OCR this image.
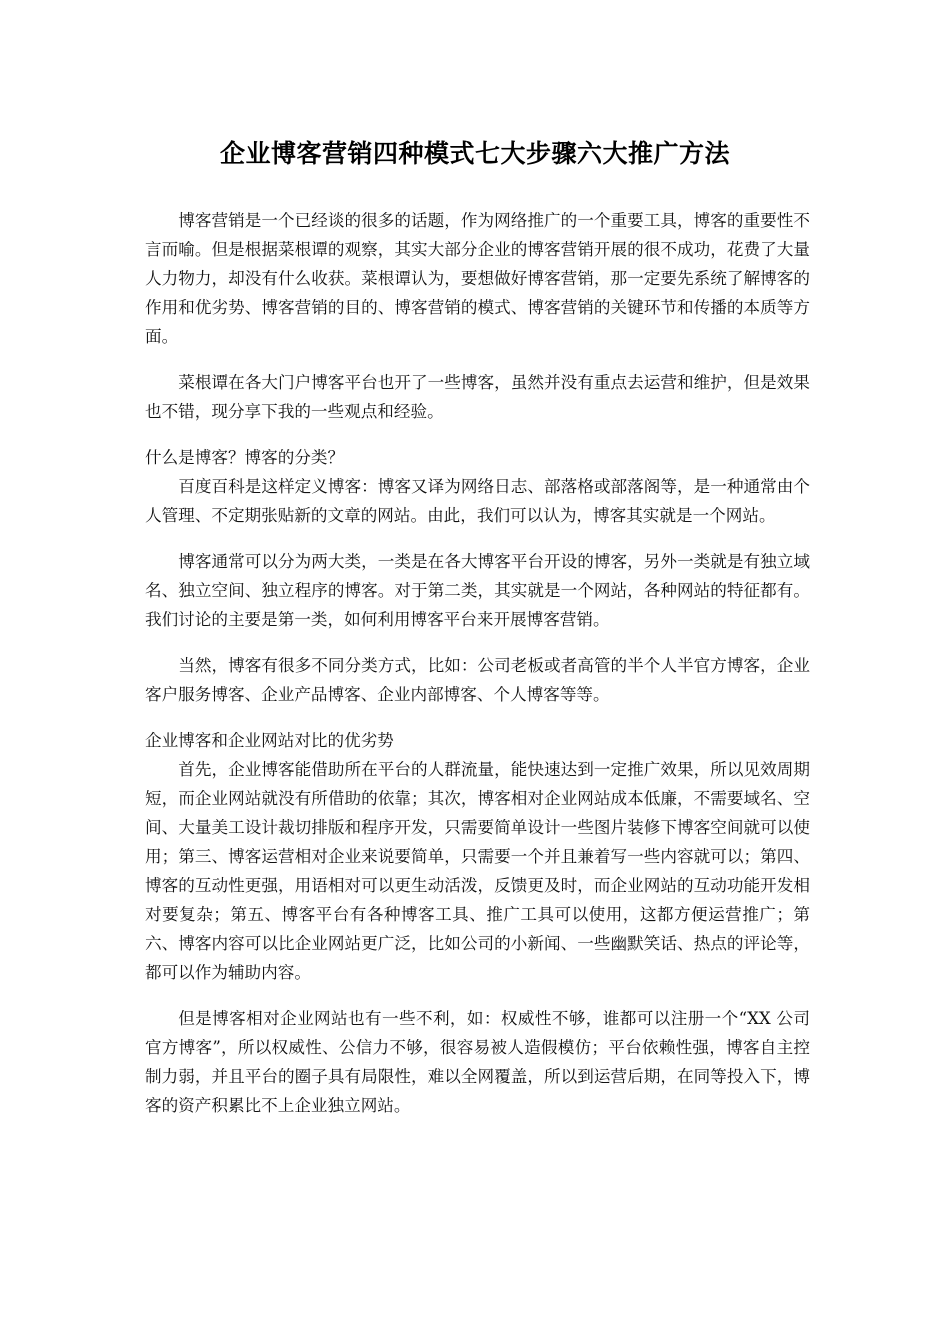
企业博客营销四种模式七大步骤六大推广方法

博客营销是一个已经谈的很多的话题，作为网络推广的一个重要工具，博客的重要性不言而喻。但是根据菜根谭的观察，其实大部分企业的博客营销开展的很不成功，花费了大量人力物力，却没有什么收获。菜根谭认为，要想做好博客营销，那一定要先系统了解博客的作用和优劣势、博客营销的目的、博客营销的模式、博客营销的关键环节和传播的本质等方面。

菜根谭在各大门户博客平台也开了一些博客，虽然并没有重点去运营和维护，但是效果也不错，现分享下我的一些观点和经验。

什么是博客？博客的分类？

百度百科是这样定义博客：博客又译为网络日志、部落格或部落阁等，是一种通常由个人管理、不定期张贴新的文章的网站。由此，我们可以认为，博客其实就是一个网站。

博客通常可以分为两大类，一类是在各大博客平台开设的博客，另外一类就是有独立域名、独立空间、独立程序的博客。对于第二类，其实就是一个网站，各种网站的特征都有。我们讨论的主要是第一类，如何利用博客平台来开展博客营销。

当然，博客有很多不同分类方式，比如：公司老板或者高管的半个人半官方博客，企业客户服务博客、企业产品博客、企业内部博客、个人博客等等。

企业博客和企业网站对比的优劣势

首先，企业博客能借助所在平台的人群流量，能快速达到一定推广效果，所以见效周期短，而企业网站就没有所借助的依靠；其次，博客相对企业网站成本低廉，不需要域名、空间、大量美工设计裁切排版和程序开发，只需要简单设计一些图片装修下博客空间就可以使用；第三、博客运营相对企业来说要简单，只需要一个并且兼着写一些内容就可以；第四、博客的互动性更强，用语相对可以更生动活泼，反馈更及时，而企业网站的互动功能开发相对要复杂；第五、博客平台有各种博客工具、推广工具可以使用，这都方便运营推广；第六、博客内容可以比企业网站更广泛，比如公司的小新闻、一些幽默笑话、热点的评论等，都可以作为辅助内容。

但是博客相对企业网站也有一些不利，如：权威性不够，谁都可以注册一个“XX 公司官方博客”，所以权威性、公信力不够，很容易被人造假模仿；平台依赖性强，博客自主控制力弱，并且平台的圈子具有局限性，难以全网覆盖，所以到运营后期，在同等投入下，博客的资产积累比不上企业独立网站。
